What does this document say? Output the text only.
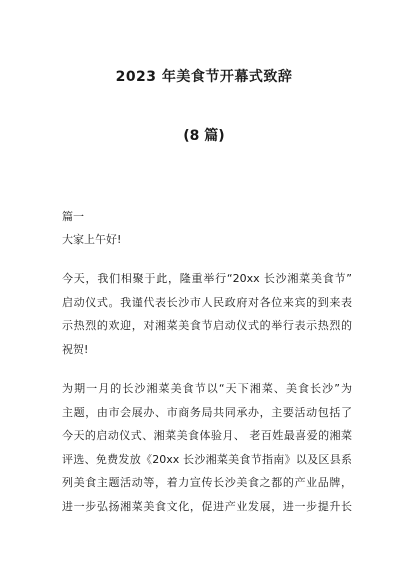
2023 年美食节开幕式致辞
(8 篇)

篇一

大家上午好!

今天，我们相聚于此，隆重举行“20xx 长沙湘菜美食节”
启动仪式。我谨代表长沙市人民政府对各位来宾的到来表
示热烈的欢迎，对湘菜美食节启动仪式的举行表示热烈的
祝贺!
为期一月的长沙湘菜美食节以“天下湘菜、美食长沙”为
主题，由市会展办、市商务局共同承办，主要活动包括了
今天的启动仪式、湘菜美食体验月、 老百姓最喜爱的湘菜
评选、免费发放《20xx 长沙湘菜美食节指南》以及区县系
列美食主题活动等，着力宣传长沙美食之都的产业品牌，
进一步弘扬湘菜美食文化，促进产业发展，进一步提升长
